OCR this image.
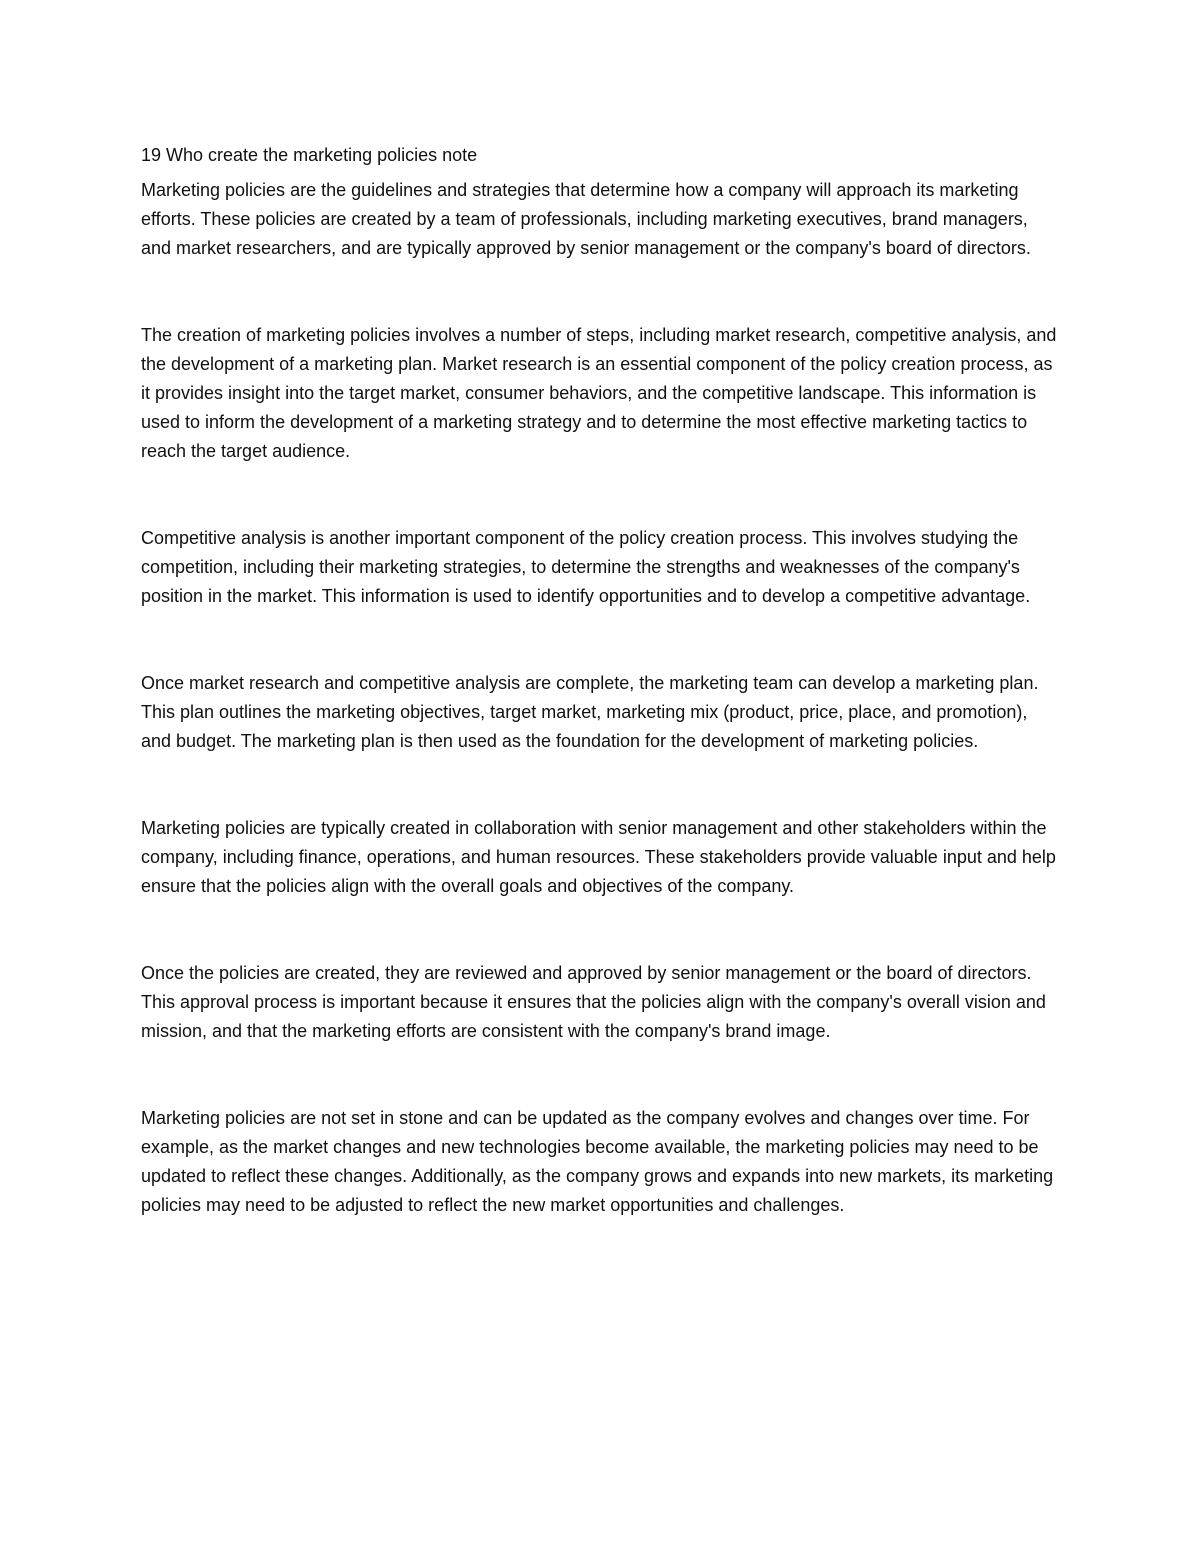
19 Who create the marketing policies note

Marketing policies are the guidelines and strategies that determine how a company will approach its marketing efforts. These policies are created by a team of professionals, including marketing executives, brand managers, and market researchers, and are typically approved by senior management or the company's board of directors.

The creation of marketing policies involves a number of steps, including market research, competitive analysis, and the development of a marketing plan. Market research is an essential component of the policy creation process, as it provides insight into the target market, consumer behaviors, and the competitive landscape. This information is used to inform the development of a marketing strategy and to determine the most effective marketing tactics to reach the target audience.

Competitive analysis is another important component of the policy creation process. This involves studying the competition, including their marketing strategies, to determine the strengths and weaknesses of the company's position in the market. This information is used to identify opportunities and to develop a competitive advantage.

Once market research and competitive analysis are complete, the marketing team can develop a marketing plan. This plan outlines the marketing objectives, target market, marketing mix (product, price, place, and promotion), and budget. The marketing plan is then used as the foundation for the development of marketing policies.

Marketing policies are typically created in collaboration with senior management and other stakeholders within the company, including finance, operations, and human resources. These stakeholders provide valuable input and help ensure that the policies align with the overall goals and objectives of the company.

Once the policies are created, they are reviewed and approved by senior management or the board of directors. This approval process is important because it ensures that the policies align with the company's overall vision and mission, and that the marketing efforts are consistent with the company's brand image.

Marketing policies are not set in stone and can be updated as the company evolves and changes over time. For example, as the market changes and new technologies become available, the marketing policies may need to be updated to reflect these changes. Additionally, as the company grows and expands into new markets, its marketing policies may need to be adjusted to reflect the new market opportunities and challenges.
